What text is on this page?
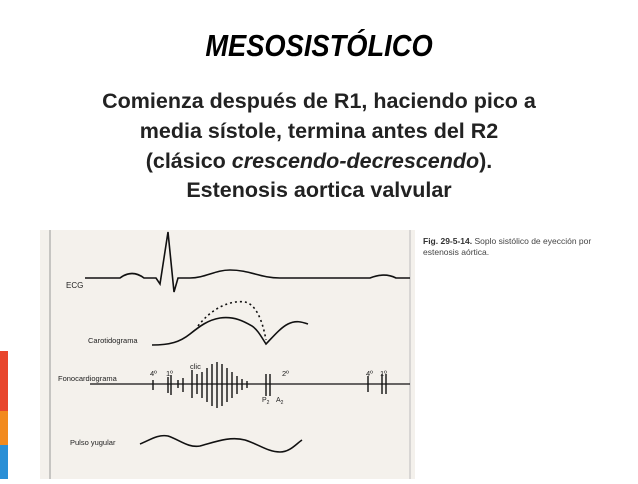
MESOSISTÓLICO
Comienza después de R1, haciendo pico a
media sístole, termina antes del R2
(clásico crescendo-decrescendo).
Estenosis aortica valvular
ECG
Carotidograma
Fonocardiograma
4º 1º
clic
2º	4º 1º
$P_2$ $A_2$
Pulso yugular
Fig. 29-5-14. Soplo sistólico de eyección por estenosis aórtica.
